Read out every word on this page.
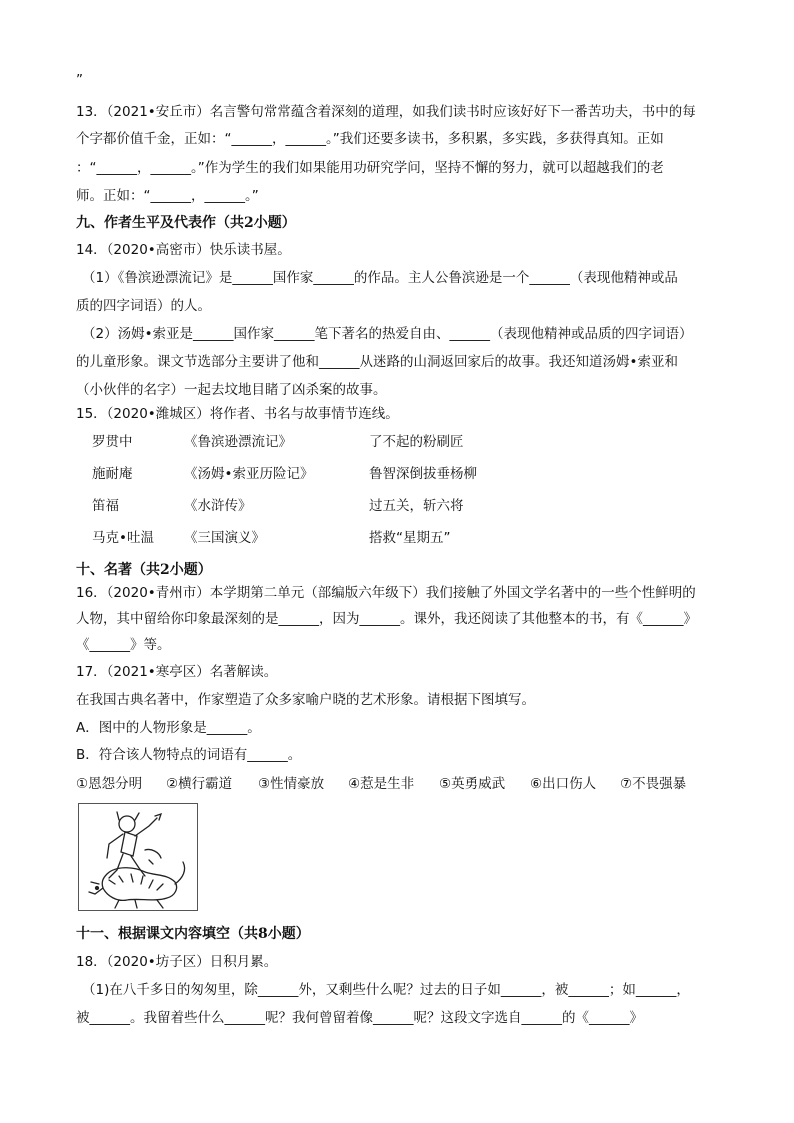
”
13．（2021•安丘市）名言警句常常蕴含着深刻的道理，如我们读书时应该好好下一番苦功夫，书中的每
个字都价值千金，正如：“______，______。”我们还要多读书，多积累，多实践，多获得真知。正如
：“______，______。”作为学生的我们如果能用功研究学问，坚持不懈的努力，就可以超越我们的老
师。正如：“______，______。”
九、作者生平及代表作（共2小题）
14．（2020•高密市）快乐读书屋。
（1）《鲁滨逊漂流记》是______国作家______的作品。主人公鲁滨逊是一个______（表现他精神或品
质的四字词语）的人。
（2）汤姆•索亚是______国作家______笔下著名的热爱自由、______（表现他精神或品质的四字词语）
的儿童形象。课文节选部分主要讲了他和______从迷路的山洞返回家后的故事。我还知道汤姆•索亚和
（小伙伴的名字）一起去坟地目睹了凶杀案的故事。
15．（2020•潍城区）将作者、书名与故事情节连线。
罗贯中	《鲁滨逊漂流记》	了不起的粉刷匠
施耐庵	《汤姆•索亚历险记》	鲁智深倒拔垂杨柳
笛福	《水浒传》	过五关，斩六将
马克•吐温 《三国演义》	搭救“星期五”
十、名著（共2小题）
16．（2020•青州市）本学期第二单元（部编版六年级下）我们接触了外国文学名著中的一些个性鲜明的
人物，其中留给你印象最深刻的是______，因为______。课外，我还阅读了其他整本的书，有《______》
《______》等。
17．（2021•寒亭区）名著解读。
在我国古典名著中，作家塑造了众多家喻户晓的艺术形象。请根据下图填写。
A．图中的人物形象是______。
B．符合该人物特点的词语有______。
①恩怨分明 ②横行霸道 ③性情豪放 ④惹是生非 ⑤英勇威武 ⑥出口伤人 ⑦不畏强暴
十一、根据课文内容填空（共8小题）
18．（2020•坊子区）日积月累。
（1)在八千多日的匆匆里，除______外，又剩些什么呢？过去的日子如______，被______；如______，
被______。我留着些什么______呢？我何曾留着像______呢？这段文字选自______的《______》
